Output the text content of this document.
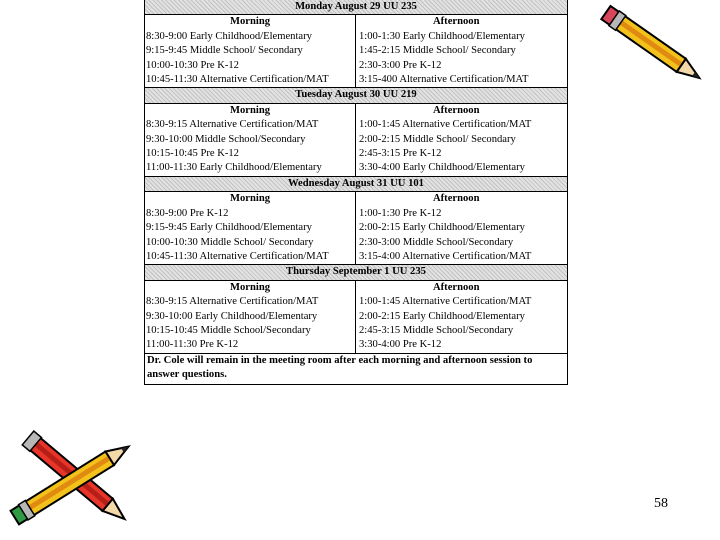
Monday August 29 UU 235
Morning
8:30-9:00 Early Childhood/Elementary
9:15-9:45 Middle School/ Secondary
10:00-10:30 Pre K-12
10:45-11:30 Alternative Certification/MAT
Afternoon
1:00-1:30 Early Childhood/Elementary
1:45-2:15 Middle School/ Secondary
2:30-3:00 Pre K-12
3:15-400 Alternative Certification/MAT
Tuesday August 30 UU 219
Morning
8:30-9:15 Alternative Certification/MAT
9:30-10:00 Middle School/Secondary
10:15-10:45 Pre K-12
11:00-11:30 Early Childhood/Elementary
Afternoon
1:00-1:45 Alternative Certification/MAT
2:00-2:15 Middle School/ Secondary
2:45-3:15 Pre K-12
3:30-4:00 Early Childhood/Elementary
Wednesday August 31 UU 101
Morning
8:30-9:00 Pre K-12
9:15-9:45 Early Childhood/Elementary
10:00-10:30 Middle School/ Secondary
10:45-11:30 Alternative Certification/MAT
Afternoon
1:00-1:30 Pre K-12
2:00-2:15 Early Childhood/Elementary
2:30-3:00 Middle School/Secondary
3:15-4:00 Alternative Certification/MAT
Thursday September 1 UU 235
Morning
8:30-9:15 Alternative Certification/MAT
9:30-10:00 Early Childhood/Elementary
10:15-10:45 Middle School/Secondary
11:00-11:30 Pre K-12
Afternoon
1:00-1:45 Alternative Certification/MAT
2:00-2:15 Early Childhood/Elementary
2:45-3:15 Middle School/Secondary
3:30-4:00 Pre K-12
Dr. Cole will remain in the meeting room after each morning and afternoon session to answer questions.
58
